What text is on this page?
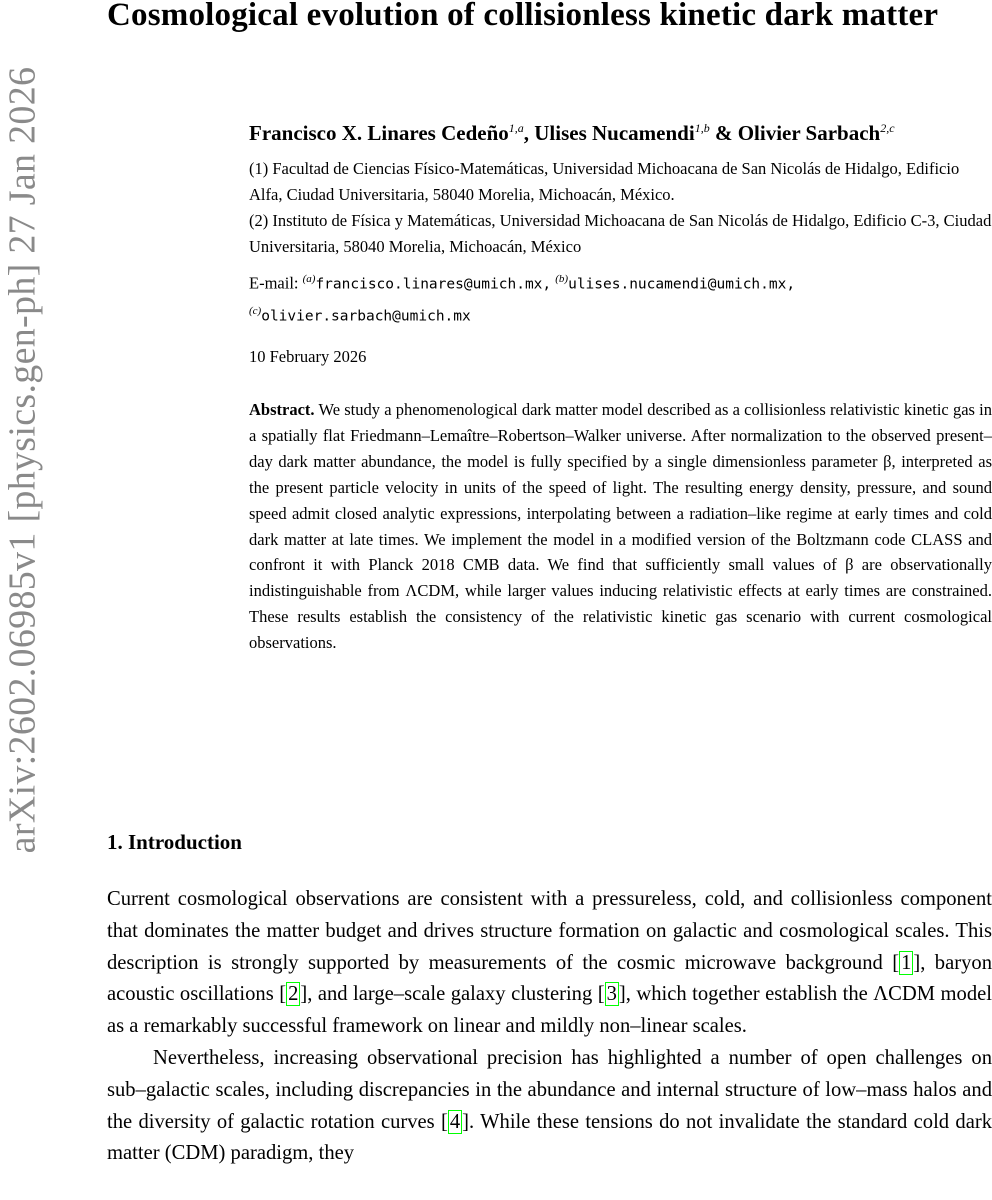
arXiv:2602.06985v1 [physics.gen-ph] 27 Jan 2026
Cosmological evolution of collisionless kinetic dark matter

Francisco X. Linares Cedeño$^{1,a}$, Ulises Nucamendi$^{1,b}$ & Olivier Sarbach$^{2,c}$

(1) Facultad de Ciencias Físico-Matemáticas, Universidad Michoacana de San Nicolás de Hidalgo, Edificio Alfa, Ciudad Universitaria, 58040 Morelia, Michoacán, México.
(2) Instituto de Física y Matemáticas, Universidad Michoacana de San Nicolás de Hidalgo, Edificio C-3, Ciudad Universitaria, 58040 Morelia, Michoacán, México

E-mail: $^{(a)}$francisco.linares@umich.mx, $^{(b)}$ulises.nucamendi@umich.mx,
$^{(c)}$olivier.sarbach@umich.mx

10 February 2026

Abstract. We study a phenomenological dark matter model described as a collisionless relativistic kinetic gas in a spatially flat Friedmann–Lemaître–Robertson–Walker universe. After normalization to the observed present–day dark matter abundance, the model is fully specified by a single dimensionless parameter β, interpreted as the present particle velocity in units of the speed of light. The resulting energy density, pressure, and sound speed admit closed analytic expressions, interpolating between a radiation–like regime at early times and cold dark matter at late times. We implement the model in a modified version of the Boltzmann code CLASS and confront it with Planck 2018 CMB data. We find that sufficiently small values of β are observationally indistinguishable from ΛCDM, while larger values inducing relativistic effects at early times are constrained. These results establish the consistency of the relativistic kinetic gas scenario with current cosmological observations.

1. Introduction

Current cosmological observations are consistent with a pressureless, cold, and collisionless component that dominates the matter budget and drives structure formation on galactic and cosmological scales. This description is strongly supported by measurements of the cosmic microwave background [1], baryon acoustic oscillations [2], and large–scale galaxy clustering [3], which together establish the ΛCDM model as a remarkably successful framework on linear and mildly non–linear scales.

Nevertheless, increasing observational precision has highlighted a number of open challenges on sub–galactic scales, including discrepancies in the abundance and internal structure of low–mass halos and the diversity of galactic rotation curves [4]. While these tensions do not invalidate the standard cold dark matter (CDM) paradigm, they
